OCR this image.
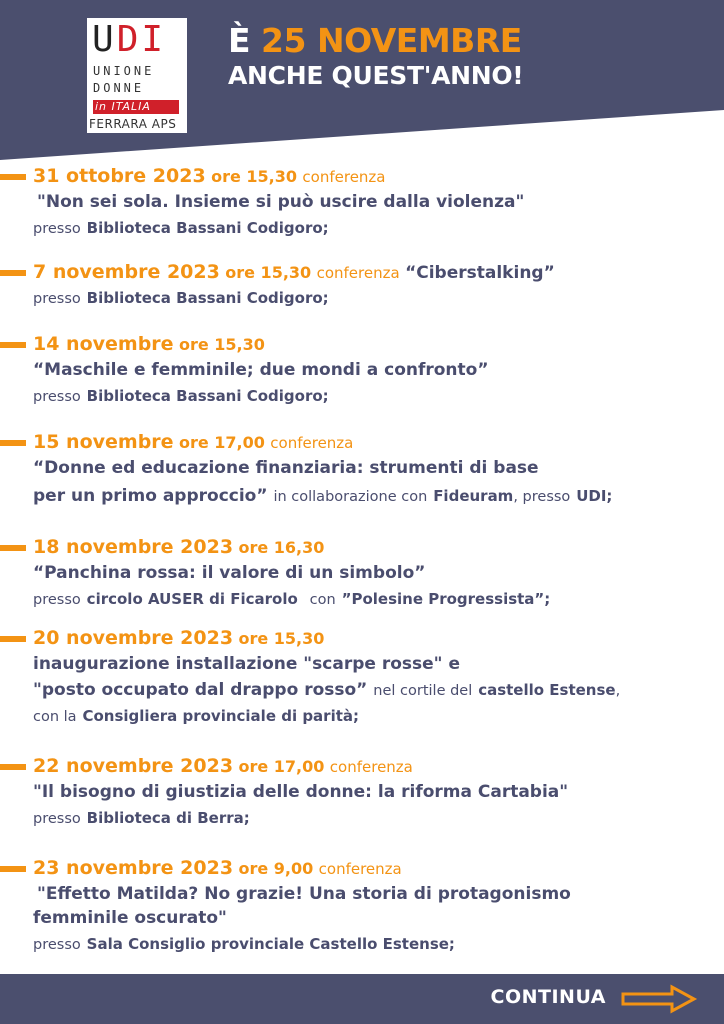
UDI
UNIONE
DONNE
in ITALIA
FERRARA APS
È 25 NOVEMBRE
ANCHE QUEST'ANNO!
31 ottobre 2023 ore 15,30 conferenza
"Non sei sola. Insieme si può uscire dalla violenza"
presso Biblioteca Bassani Codigoro;
7 novembre 2023 ore 15,30 conferenza “Ciberstalking”
presso Biblioteca Bassani Codigoro;
14 novembre ore 15,30
“Maschile e femminile; due mondi a confronto”
presso Biblioteca Bassani Codigoro;
15 novembre ore 17,00 conferenza
“Donne ed educazione finanziaria: strumenti di base
per un primo approccio” in collaborazione con Fideuram, presso UDI;
18 novembre 2023 ore 16,30
“Panchina rossa: il valore di un simbolo”
presso circolo AUSER di Ficarolo con ”Polesine Progressista”;
20 novembre 2023 ore 15,30
inaugurazione installazione "scarpe rosse" e
"posto occupato dal drappo rosso” nel cortile del castello Estense,
con la Consigliera provinciale di parità;
22 novembre 2023 ore 17,00 conferenza
"Il bisogno di giustizia delle donne: la riforma Cartabia"
presso Biblioteca di Berra;
23 novembre 2023 ore 9,00 conferenza
"Effetto Matilda? No grazie! Una storia di protagonismo
femminile oscurato"
presso Sala Consiglio provinciale Castello Estense;
CONTINUA
